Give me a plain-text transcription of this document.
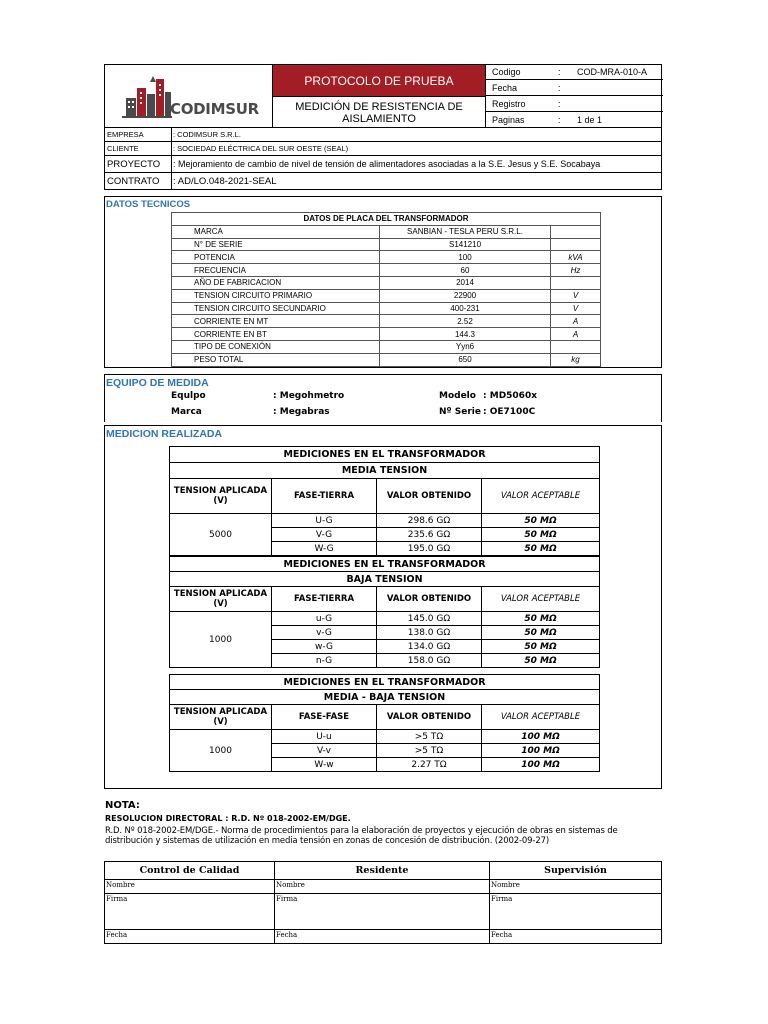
CODIMSUR
PROTOCOLO DE PRUEBA
MEDICIÓN DE RESISTENCIA DE
AISLAMIENTO
Codigo	: COD-MRA-010-A
Fecha	:
Registro	:
Paginas	: 1 de 1
EMPRESA	: CODIMSUR S.R.L.
CLIENTE	: SOCIEDAD ELÉCTRICA DEL SUR OESTE (SEAL)
PROYECTO : Mejoramiento de cambio de nivel de tensión de alimentadores asociadas a la S.E. Jesus y S.E. Socabaya
CONTRATO : AD/LO.048-2021-SEAL
DATOS TECNICOS
DATOS DE PLACA DEL TRANSFORMADOR		
MARCA	SANBIAN - TESLA PERU S.R.L.	
N° DE SERIE	S141210	
POTENCIA	100	kVA
FRECUENCIA	60	Hz
AÑO DE FABRICACION	2014	
TENSION CIRCUITO PRIMARIO	22900	V
TENSION CIRCUITO SECUNDARIO	400-231	V
CORRIENTE EN MT	2.52	A
CORRIENTE EN BT	144.3	A
TIPO DE CONEXIÓN	Yyn6	
PESO TOTAL	650	kg
EQUIPO DE MEDIDA
Equlpo	: Megohmetro	Modelo : MD5060x
Marca	: Megabras	Nº Serie : OE7100C
MEDICION REALIZADA
MEDICIONES EN EL TRANSFORMADOR			
MEDIA TENSION			
TENSION APLICADA (V)	FASE-TIERRA	VALOR OBTENIDO	VALOR ACEPTABLE
5000	U-G	298.6 GΩ	50 MΩ
	V-G	235.6 GΩ	50 MΩ
	W-G	195.0 GΩ	50 MΩ
MEDICIONES EN EL TRANSFORMADOR			
BAJA TENSION			
TENSION APLICADA (V)	FASE-TIERRA	VALOR OBTENIDO	VALOR ACEPTABLE
1000	u-G	145.0 GΩ	50 MΩ
	v-G	138.0 GΩ	50 MΩ
	w-G	134.0 GΩ	50 MΩ
	n-G	158.0 GΩ	50 MΩ
MEDICIONES EN EL TRANSFORMADOR			
MEDIA - BAJA TENSION			
TENSION APLICADA (V)	FASE-FASE	VALOR OBTENIDO	VALOR ACEPTABLE
1000	U-u	>5 TΩ	100 MΩ
	V-v	>5 TΩ	100 MΩ
	W-w	2.27 TΩ	100 MΩ
NOTA:
RESOLUCION DIRECTORAL : R.D. Nº 018-2002-EM/DGE.
R.D. Nº 018-2002-EM/DGE.- Norma de procedimientos para la elaboración de proyectos y ejecución de obras en sistemas de
distribución y sistemas de utilización en media tensión en zonas de concesión de distribución. (2002-09-27)
Control de Calidad	Residente	Supervisión
Nombre	Nombre	Nombre
Firma	Firma	Firma
Fecha	Fecha	Fecha
